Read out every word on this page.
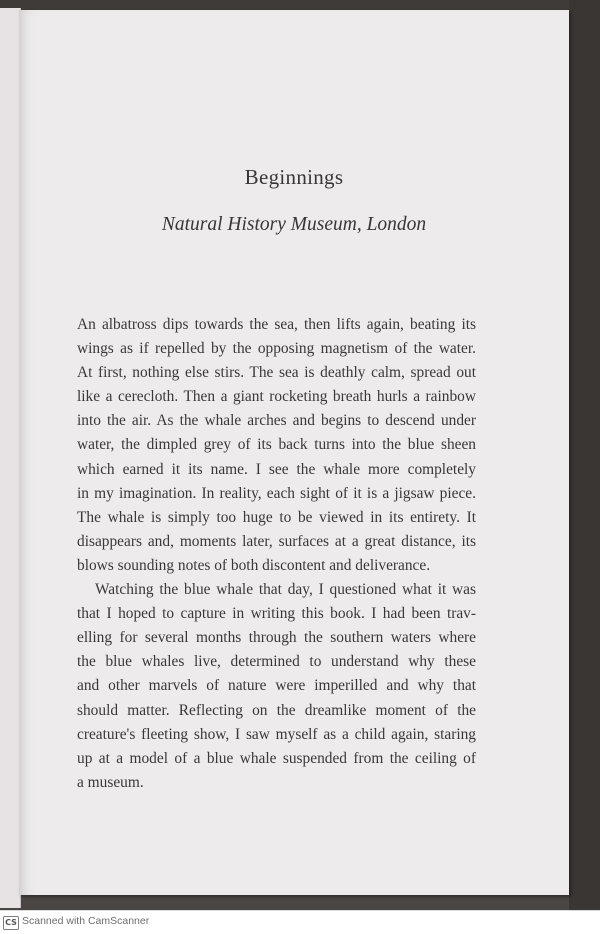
Beginnings
Natural History Museum, London
An albatross dips towards the sea, then lifts again, beating its
wings as if repelled by the opposing magnetism of the water.
At first, nothing else stirs. The sea is deathly calm, spread out
like a cerecloth. Then a giant rocketing breath hurls a rainbow
into the air. As the whale arches and begins to descend under
water, the dimpled grey of its back turns into the blue sheen
which earned it its name. I see the whale more completely
in my imagination. In reality, each sight of it is a jigsaw piece.
The whale is simply too huge to be viewed in its entirety. It
disappears and, moments later, surfaces at a great distance, its
blows sounding notes of both discontent and deliverance.
Watching the blue whale that day, I questioned what it was
that I hoped to capture in writing this book. I had been trav-
elling for several months through the southern waters where
the blue whales live, determined to understand why these
and other marvels of nature were imperilled and why that
should matter. Reflecting on the dreamlike moment of the
creature's fleeting show, I saw myself as a child again, staring
up at a model of a blue whale suspended from the ceiling of
a museum.
CS Scanned with CamScanner
